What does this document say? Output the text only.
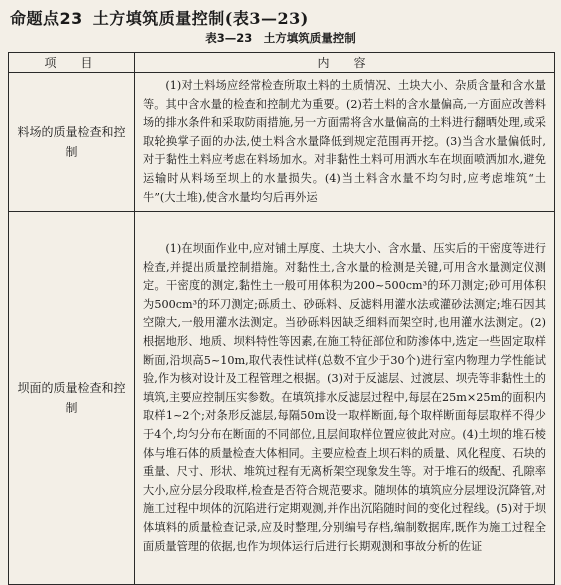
命题点23 土方填筑质量控制(表3—23)
表3—23　土方填筑质量控制
项　目	内　容
料场的质量检查和控制	(1)对土料场应经常检查所取土料的土质情况、土块大小、杂质含量和含水量等。其中含水量的检查和控制尤为重要。(2)若土料的含水量偏高,一方面应改善料场的排水条件和采取防雨措施,另一方面需将含水量偏高的土料进行翻晒处理,或采取轮换掌子面的办法,使土料含水量降低到规定范围再开挖。(3)当含水量偏低时,对于黏性土料应考虑在料场加水。对非黏性土料可用洒水车在坝面喷洒加水,避免运输时从料场至坝上的水量损失。(4)当土料含水量不均匀时,应考虑堆筑“土牛”(大土堆),使含水量均匀后再外运

坝面的质量检查和控制	(1)在坝面作业中,应对铺土厚度、土块大小、含水量、压实后的干密度等进行检查,并提出质量控制措施。对黏性土,含水量的检测是关键,可用含水量测定仪测定。干密度的测定,黏性土一般可用体积为200~500cm³的环刀测定;砂可用体积为500cm³的环刀测定;砾质土、砂砾料、反滤料用灌水法或灌砂法测定;堆石因其空隙大,一般用灌水法测定。当砂砾料因缺乏细料而架空时,也用灌水法测定。(2)根据地形、地质、坝料特性等因素,在施工特征部位和防渗体中,选定一些固定取样断面,沿坝高5~10m,取代表性试样(总数不宜少于30个)进行室内物理力学性能试验,作为核对设计及工程管理之根据。(3)对于反滤层、过渡层、坝壳等非黏性土的填筑,主要应控制压实参数。在填筑排水反滤层过程中,每层在25m×25m的面积内取样1~2个;对条形反滤层,每隔50m设一取样断面,每个取样断面每层取样不得少于4个,均匀分布在断面的不同部位,且层间取样位置应彼此对应。(4)土坝的堆石棱体与堆石体的质量检查大体相同。主要应检查上坝石料的质量、风化程度、石块的重量、尺寸、形状、堆筑过程有无离析架空现象发生等。对于堆石的级配、孔隙率大小,应分层分段取样,检查是否符合规范要求。随坝体的填筑应分层埋设沉降管,对施工过程中坝体的沉陷进行定期观测,并作出沉陷随时间的变化过程线。(5)对于坝体填料的质量检查记录,应及时整理,分别编号存档,编制数据库,既作为施工过程全面质量管理的依据,也作为坝体运行后进行长期观测和事故分析的佐证
